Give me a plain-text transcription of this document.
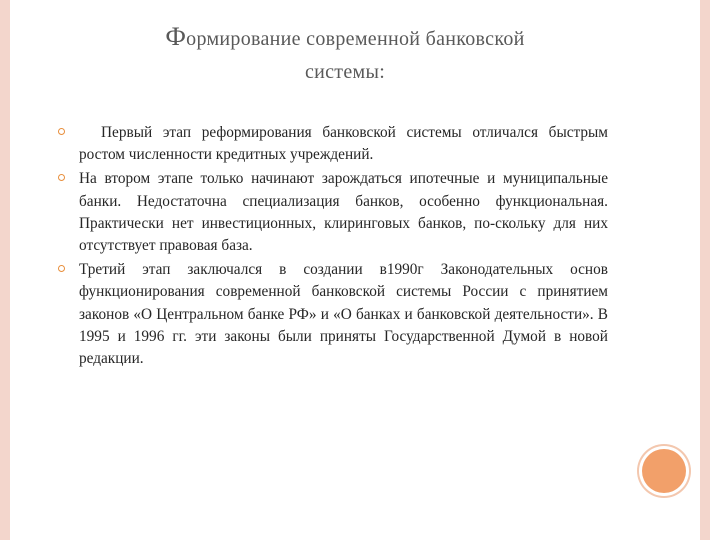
Формирование современной банковской
системы:
Первый этап реформирования банковской системы отличался быстрым ростом численности кредитных учреждений.
На втором этапе только начинают зарождаться ипотечные и муниципальные банки. Недостаточна специализация банков, особенно функциональная. Практически нет инвестиционных, клиринговых банков, по-скольку для них отсутствует правовая база.
Третий этап заключался в создании в1990г Законодательных основ функционирования современной банковской системы России с принятием законов «О Центральном банке РФ» и «О банках и банковской деятельности». В 1995 и 1996 гг. эти законы были приняты Государственной Думой в новой редакции.
